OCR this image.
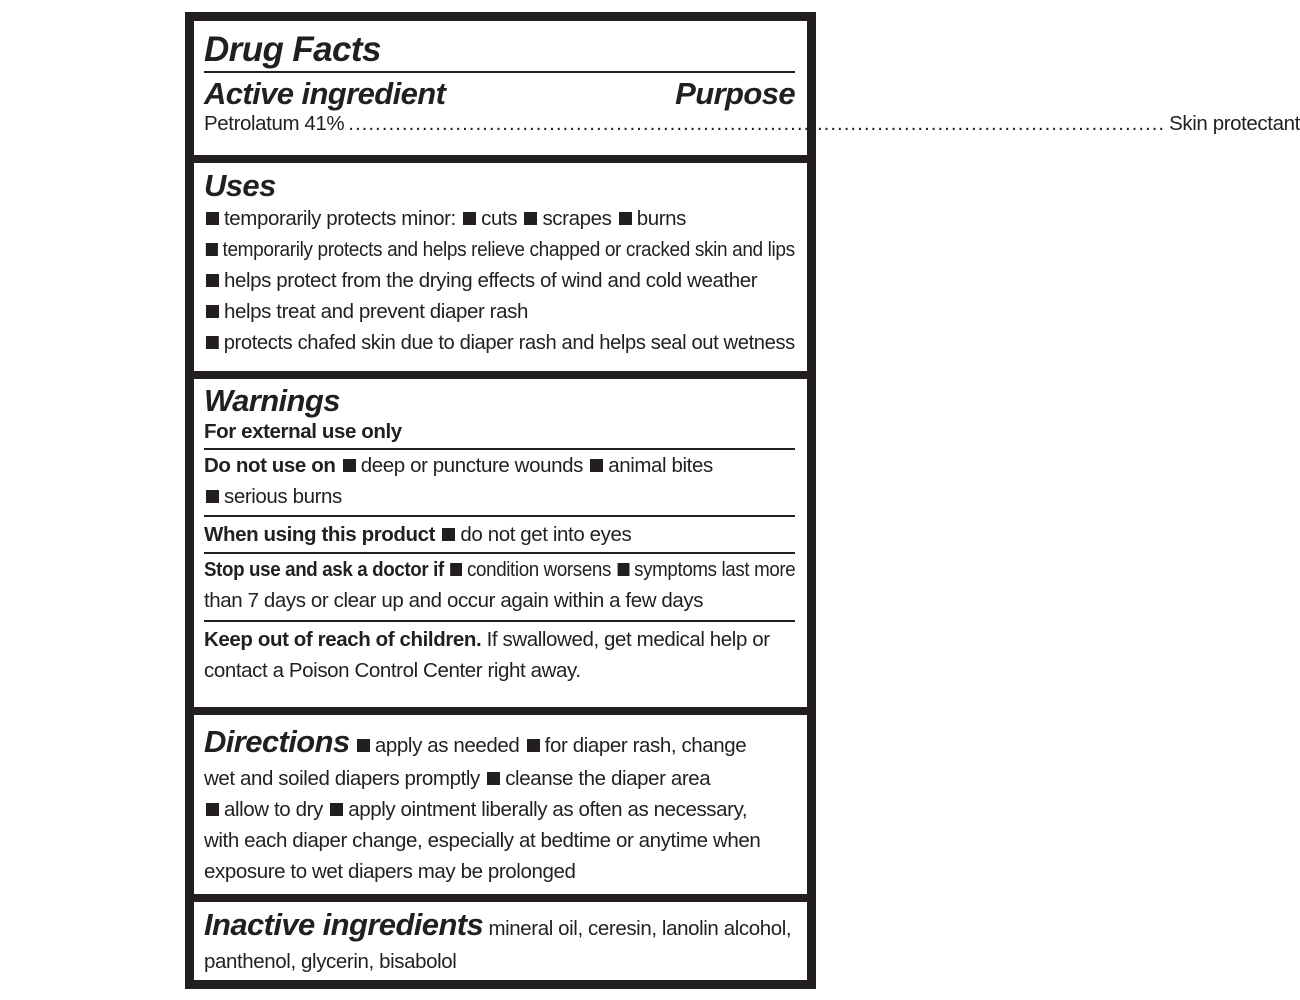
Drug Facts
Active ingredient	Purpose
Petrolatum 41% .......................................................................................................................... Skin protectant
Uses
temporarily protects minor: cuts scrapes burns
temporarily protects and helps relieve chapped or cracked skin and lips
helps protect from the drying effects of wind and cold weather
helps treat and prevent diaper rash
protects chafed skin due to diaper rash and helps seal out wetness
Warnings
For external use only
Do not use on deep or puncture wounds animal bites
serious burns
When using this product do not get into eyes
Stop use and ask a doctor if condition worsens symptoms last more
than 7 days or clear up and occur again within a few days
Keep out of reach of children. If swallowed, get medical help or
contact a Poison Control Center right away.
Directions apply as needed for diaper rash, change
wet and soiled diapers promptly cleanse the diaper area
allow to dry apply ointment liberally as often as necessary,
with each diaper change, especially at bedtime or anytime when
exposure to wet diapers may be prolonged
Inactive ingredients mineral oil, ceresin, lanolin alcohol,
panthenol, glycerin, bisabolol
